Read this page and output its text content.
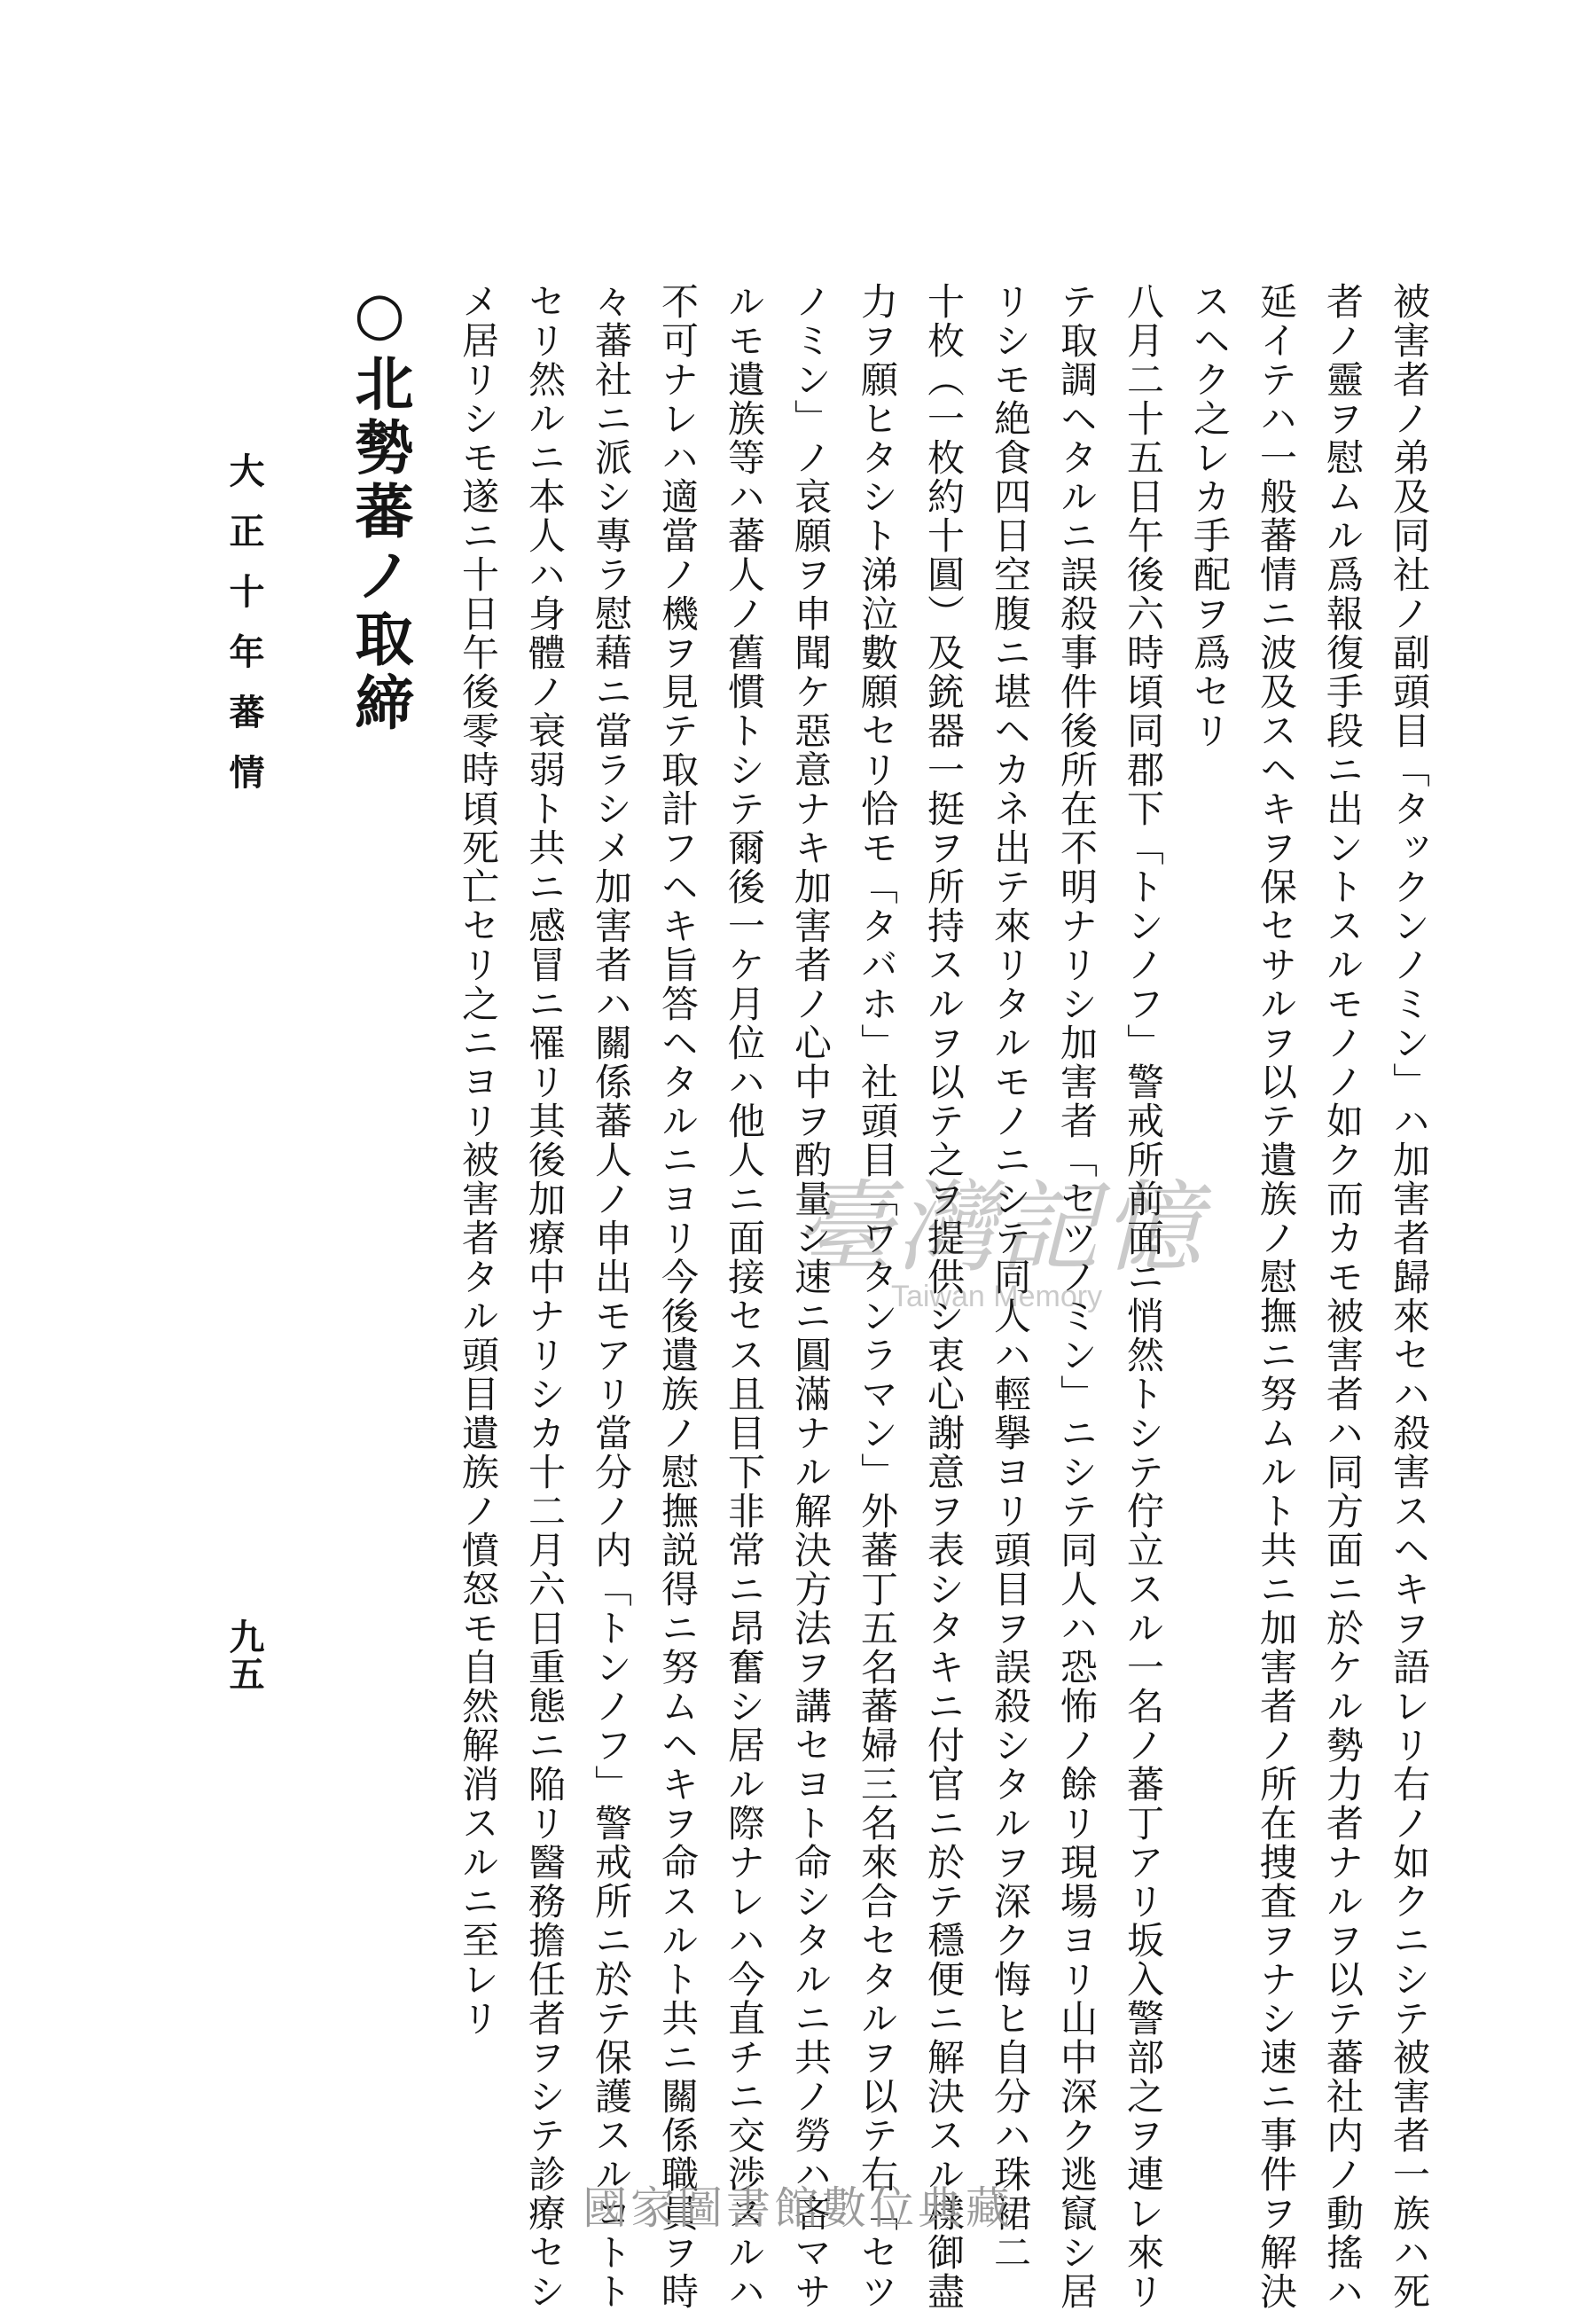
被害者ノ弟及同社ノ副頭目「タックンノミン」ハ加害者歸來セハ殺害スヘキヲ語レリ右ノ如クニシテ被害者一族ハ死
者ノ靈ヲ慰ムル爲報復手段ニ出ントスルモノノ如ク而カモ被害者ハ同方面ニ於ケル勢力者ナルヲ以テ蕃社内ノ動搖ハ
延イテハ一般蕃情ニ波及スヘキヲ保セサルヲ以テ遺族ノ慰撫ニ努ムルト共ニ加害者ノ所在捜査ヲナシ速ニ事件ヲ解決
スヘク之レカ手配ヲ爲セリ
八月二十五日午後六時頃同郡下「トンノフ」警戒所前面ニ悄然トシテ佇立スル一名ノ蕃丁アリ坂入警部之ヲ連レ來リ
テ取調ヘタルニ誤殺事件後所在不明ナリシ加害者「セツノミン」ニシテ同人ハ恐怖ノ餘リ現場ヨリ山中深ク逃竄シ居
リシモ絶食四日空腹ニ堪ヘカネ出テ來リタルモノニシテ同人ハ輕擧ヨリ頭目ヲ誤殺シタルヲ深ク悔ヒ自分ハ珠裙二
十枚（一枚約十圓）及銃器一挺ヲ所持スルヲ以テ之ヲ提供シ衷心謝意ヲ表シタキニ付官ニ於テ穩便ニ解決スル樣御盡
力ヲ願ヒタシト涕泣數願セリ恰モ「タバホ」社頭目「ワタンラマン」外蕃丁五名蕃婦三名來合セタルヲ以テ右「セツ
ノミン」ノ哀願ヲ申聞ケ惡意ナキ加害者ノ心中ヲ酌量シ速ニ圓滿ナル解決方法ヲ講セヨト命シタルニ共ノ勞ハ吝マサ
ルモ遺族等ハ蕃人ノ舊慣トシテ爾後一ケ月位ハ他人ニ面接セス且目下非常ニ昂奮シ居ル際ナレハ今直チニ交渉スルハ
不可ナレハ適當ノ機ヲ見テ取計フヘキ旨答ヘタルニヨリ今後遺族ノ慰撫説得ニ努ムヘキヲ命スルト共ニ關係職員ヲ時
々蕃社ニ派シ專ラ慰藉ニ當ラシメ加害者ハ關係蕃人ノ申出モアリ當分ノ内「トンノフ」警戒所ニ於テ保護スルコトト
セリ然ルニ本人ハ身體ノ衰弱ト共ニ感冒ニ罹リ其後加療中ナリシカ十二月六日重態ニ陥リ醫務擔任者ヲシテ診療セシ
メ居リシモ遂ニ十日午後零時頃死亡セリ之ニヨリ被害者タル頭目遺族ノ憤怒モ自然解消スルニ至レリ
○北勢蕃ノ取締
大正十年蕃情
九五
臺灣記憶
Taiwan Memory
國家圖書館數位典藏
